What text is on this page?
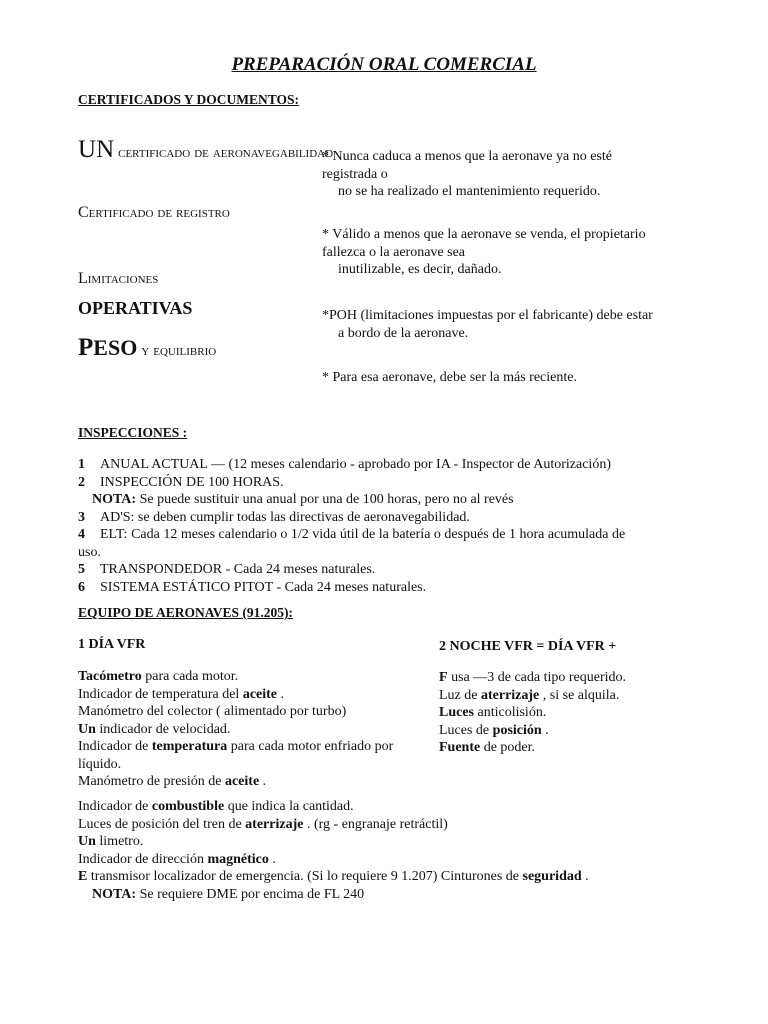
PREPARACIÓN ORAL COMERCIAL
CERTIFICADOS Y DOCUMENTOS:
UN certificado de aeronavegabilidad
Certificado de registro
Limitaciones
OPERATIVAS
PESO y equilibrio
* Nunca caduca a menos que la aeronave ya no esté
registrada o
no se ha realizado el mantenimiento requerido.
* Válido a menos que la aeronave se venda, el propietario
fallezca o la aeronave sea
inutilizable, es decir, dañado.
*POH (limitaciones impuestas por el fabricante) debe estar
a bordo de la aeronave.
* Para esa aeronave, debe ser la más reciente.
INSPECCIONES :
1 ANUAL ACTUAL — (12 meses calendario - aprobado por IA - Inspector de Autorización)
2 INSPECCIÓN DE 100 HORAS.
NOTA: Se puede sustituir una anual por una de 100 horas, pero no al revés
3 AD'S: se deben cumplir todas las directivas de aeronavegabilidad.
4 ELT: Cada 12 meses calendario o 1/2 vida útil de la batería o después de 1 hora acumulada de
uso.
5 TRANSPONDEDOR - Cada 24 meses naturales.
6 SISTEMA ESTÁTICO PITOT - Cada 24 meses naturales.
EQUIPO DE AERONAVES (91.205):
1 DÍA VFR	2 NOCHE VFR = DÍA VFR +
Tacómetro para cada motor.
Indicador de temperatura del aceite .
Manómetro del colector ( alimentado por turbo)
Un indicador de velocidad.
Indicador de temperatura para cada motor enfriado por
líquido.
Manómetro de presión de aceite .
F usa —3 de cada tipo requerido.
Luz de aterrizaje , si se alquila.
Luces anticolisión.
Luces de posición .
Fuente de poder.
Indicador de combustible que indica la cantidad.
Luces de posición del tren de aterrizaje . (rg - engranaje retráctil)
Un limetro.
Indicador de dirección magnético .
E transmisor localizador de emergencia. (Si lo requiere 9 1.207) Cinturones de seguridad .
NOTA: Se requiere DME por encima de FL 240
